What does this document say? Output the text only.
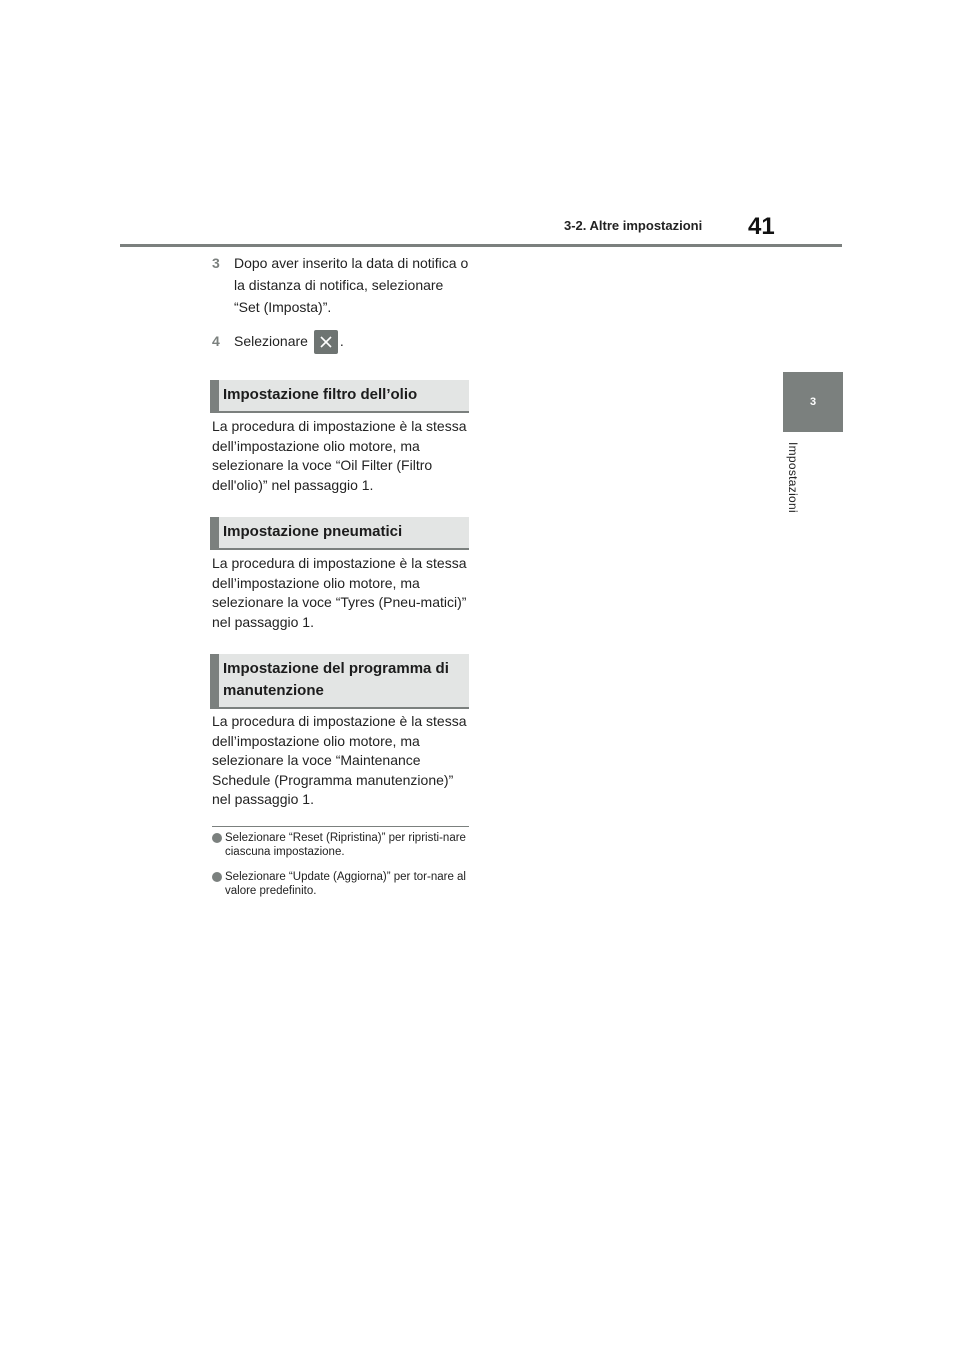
3-2. Altre impostazioni 41
3
Impostazioni
3	Dopo aver inserito la data di notifica o la distanza di notifica, selezionare “Set (Imposta)”.
4	Selezionare .
Impostazione filtro dell’olio
La procedura di impostazione è la stessa dell’impostazione olio motore, ma selezionare la voce “Oil Filter (Filtro dell'olio)” nel passaggio 1.
Impostazione pneumatici
La procedura di impostazione è la stessa dell’impostazione olio motore, ma selezionare la voce “Tyres (Pneu-matici)” nel passaggio 1.
Impostazione del programma di manutenzione
La procedura di impostazione è la stessa dell’impostazione olio motore, ma selezionare la voce “Maintenance Schedule (Programma manutenzione)” nel passaggio 1.
Selezionare “Reset (Ripristina)” per ripristi-nare ciascuna impostazione.
Selezionare “Update (Aggiorna)” per tor-nare al valore predefinito.
